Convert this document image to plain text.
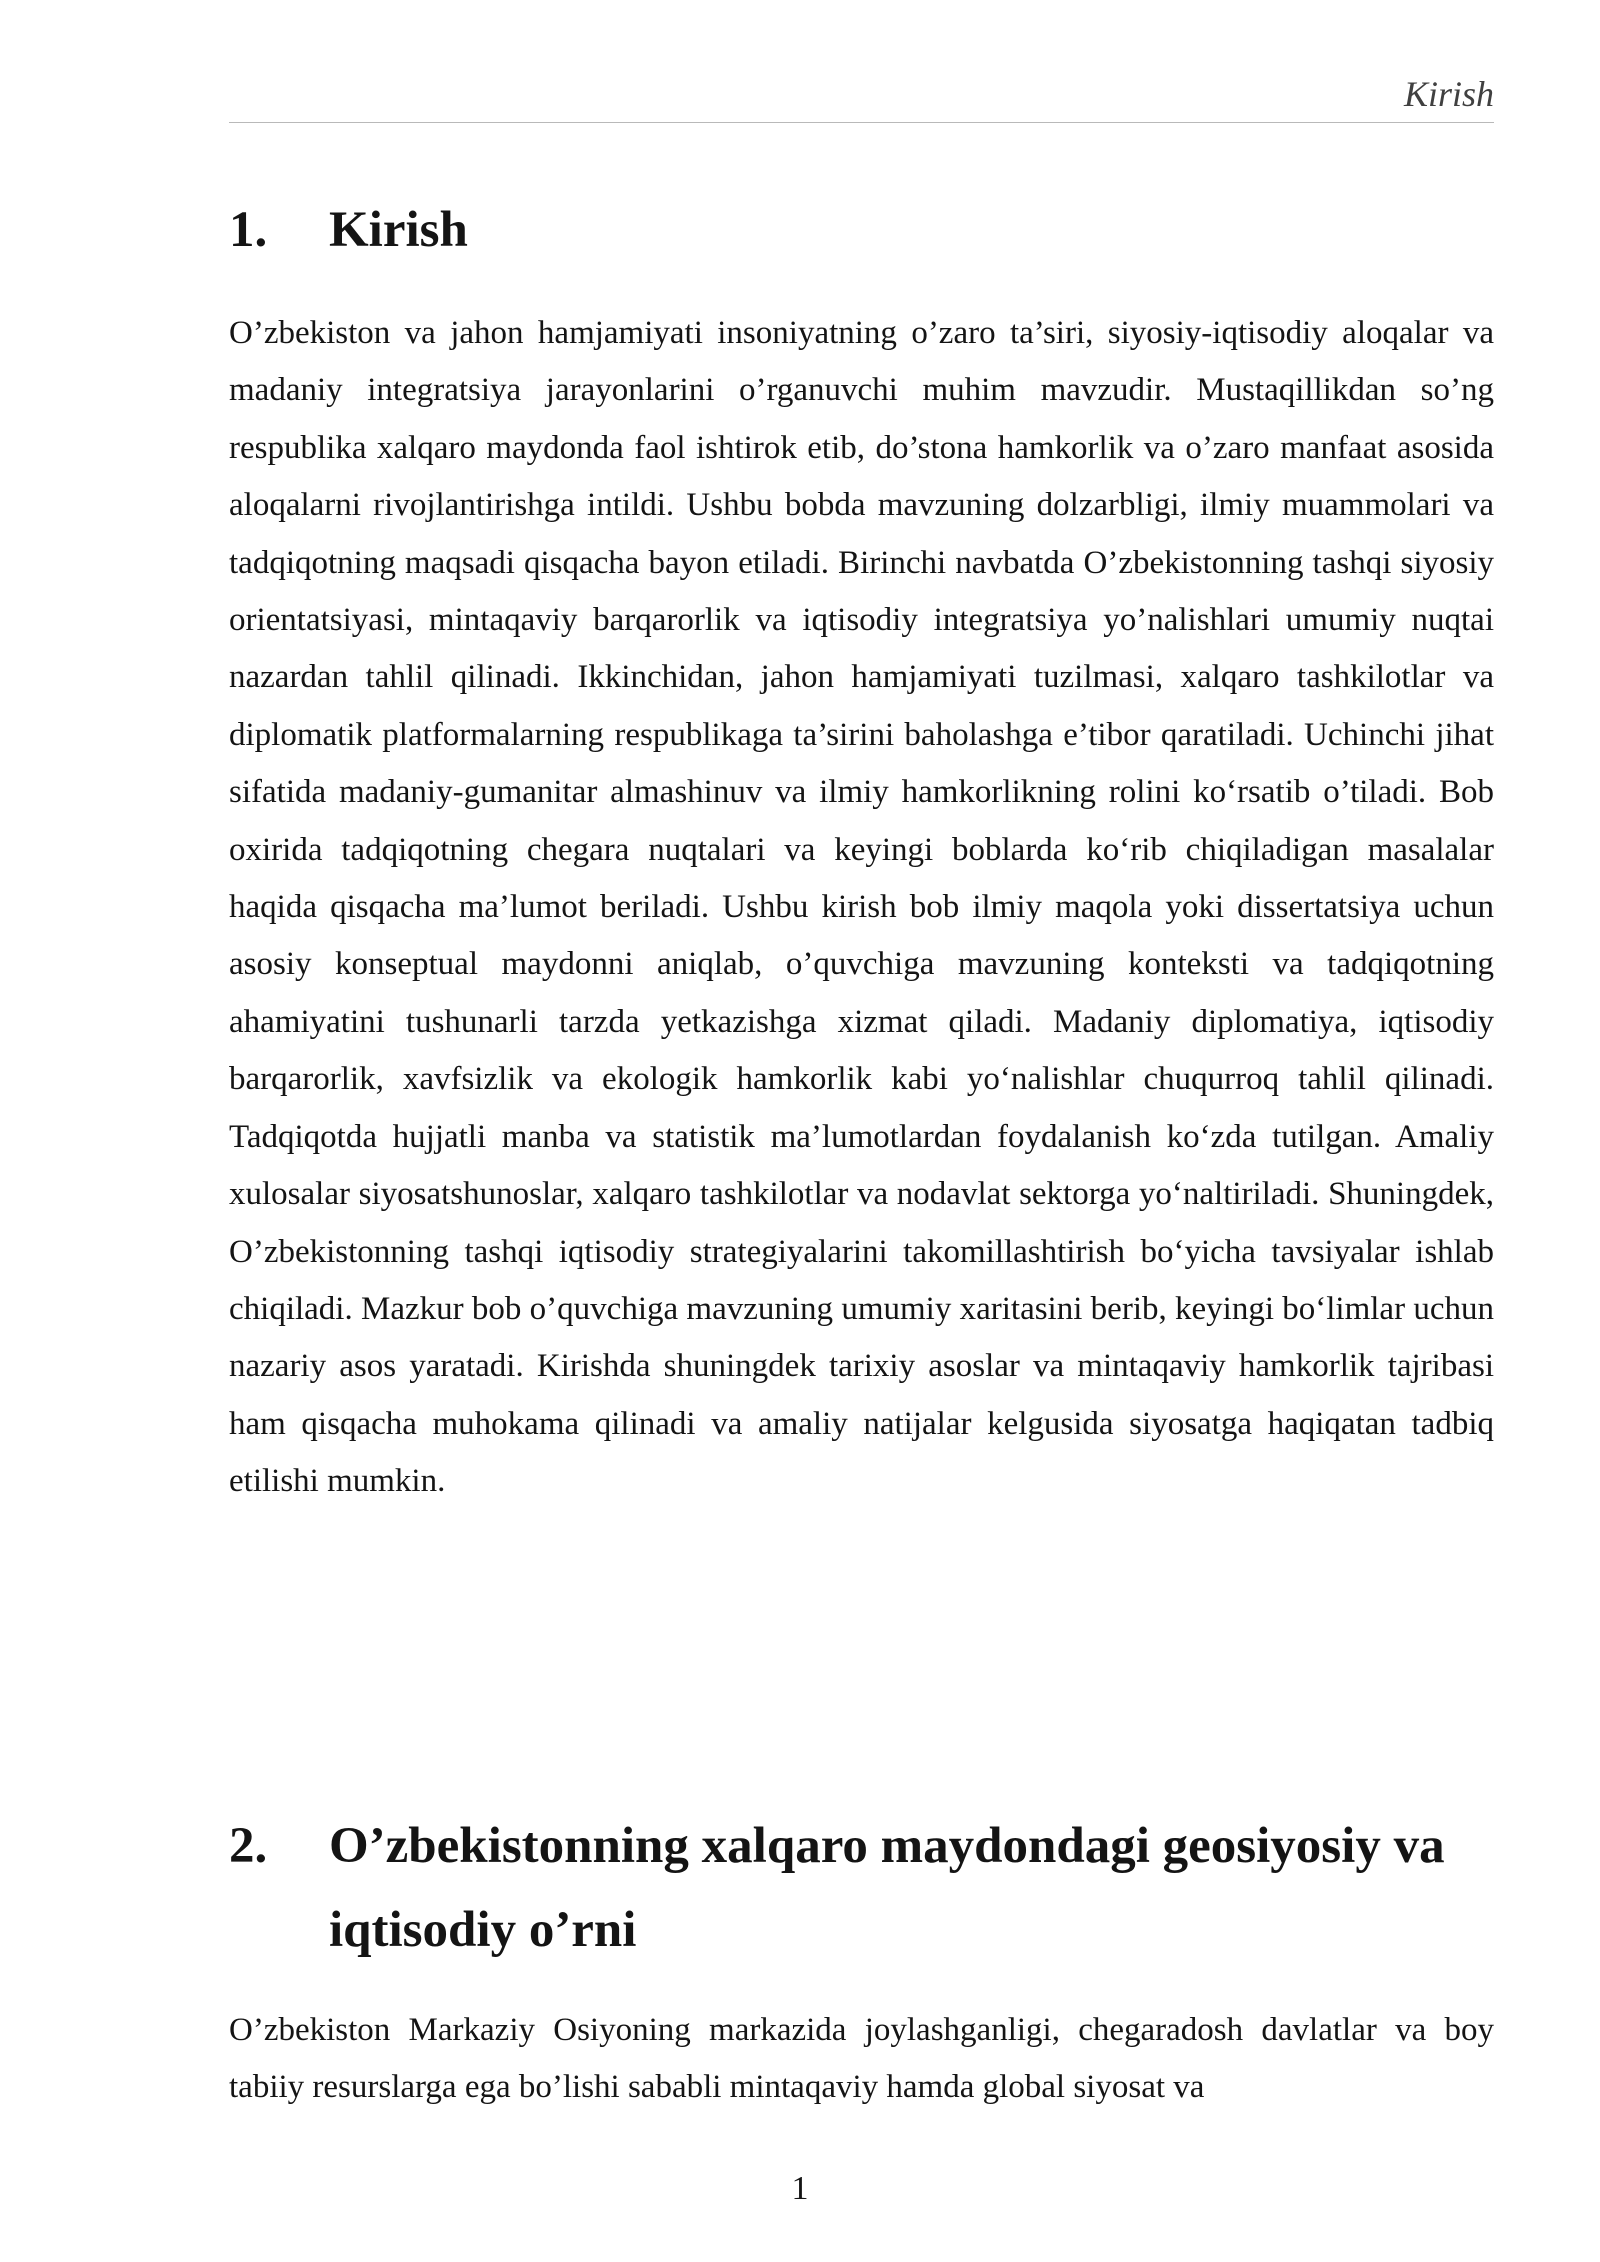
Kirish
1. Kirish

O’zbekiston va jahon hamjamiyati insoniyatning o’zaro ta’siri, siyosiy-iqtisodiy aloqalar va madaniy integratsiya jarayonlarini o’rganuvchi muhim mavzudir. Mustaqillikdan so’ng respublika xalqaro maydonda faol ishtirok etib, do’stona hamkorlik va o’zaro manfaat asosida aloqalarni rivojlantirishga intildi. Ushbu bobda mavzuning dolzarbligi, ilmiy muammolari va tadqiqotning maqsadi qisqacha bayon etiladi. Birinchi navbatda O’zbekistonning tashqi siyosiy orientatsiyasi, mintaqaviy barqarorlik va iqtisodiy integratsiya yo’nalishlari umumiy nuqtai nazardan tahlil qilinadi. Ikkinchidan, jahon hamjamiyati tuzilmasi, xalqaro tashkilotlar va diplomatik platformalarning respublikaga ta’sirini baholashga e’tibor qaratiladi. Uchinchi jihat sifatida madaniy-gumanitar almashinuv va ilmiy hamkorlikning rolini ko‘rsatib o’tiladi. Bob oxirida tadqiqotning chegara nuqtalari va keyingi boblarda ko‘rib chiqiladigan masalalar haqida qisqacha ma’lumot beriladi. Ushbu kirish bob ilmiy maqola yoki dissertatsiya uchun asosiy konseptual maydonni aniqlab, o’quvchiga mavzuning konteksti va tadqiqotning ahamiyatini tushunarli tarzda yetkazishga xizmat qiladi. Madaniy diplomatiya, iqtisodiy barqarorlik, xavfsizlik va ekologik hamkorlik kabi yo‘nalishlar chuqurroq tahlil qilinadi. Tadqiqotda hujjatli manba va statistik ma’lumotlardan foydalanish ko‘zda tutilgan. Amaliy xulosalar siyosatshunoslar, xalqaro tashkilotlar va nodavlat sektorga yo‘naltiriladi. Shuningdek, O’zbekistonning tashqi iqtisodiy strategiyalarini takomillashtirish bo‘yicha tavsiyalar ishlab chiqiladi. Mazkur bob o’quvchiga mavzuning umumiy xaritasini berib, keyingi bo‘limlar uchun nazariy asos yaratadi. Kirishda shuningdek tarixiy asoslar va mintaqaviy hamkorlik tajribasi ham qisqacha muhokama qilinadi va amaliy natijalar kelgusida siyosatga haqiqatan tadbiq etilishi mumkin.

2. O’zbekistonning xalqaro maydondagi geosiyosiy va iqtisodiy o’rni

O’zbekiston Markaziy Osiyoning markazida joylashganligi, chegaradosh davlatlar va boy tabiiy resurslarga ega bo’lishi sababli mintaqaviy hamda global siyosat va

1
